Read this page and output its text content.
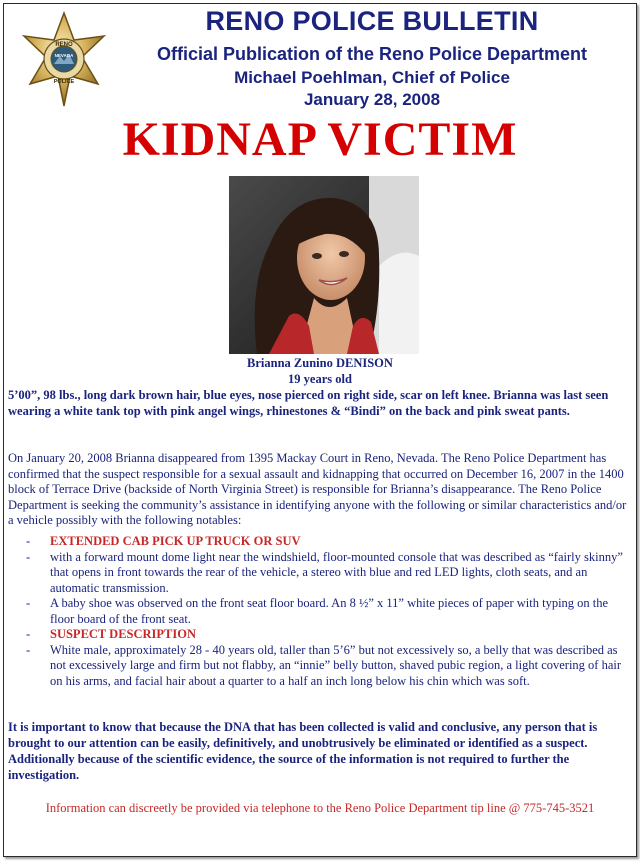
RENO
NEVADA
POLICE
RENO POLICE BULLETIN
Official Publication of the Reno Police Department
Michael Poehlman, Chief of Police
January 28, 2008
KIDNAP VICTIM
Brianna Zunino DENISON
19 years old
5’00”, 98 lbs., long dark brown hair, blue eyes, nose pierced on right side, scar on left knee. Brianna was last seen wearing a white tank top with pink angel wings, rhinestones & “Bindi” on the back and pink sweat pants.
On January 20, 2008 Brianna disappeared from 1395 Mackay Court in Reno, Nevada. The Reno Police Department has confirmed that the suspect responsible for a sexual assault and kidnapping that occurred on December 16, 2007 in the 1400 block of Terrace Drive (backside of North Virginia Street) is responsible for Brianna’s disappearance. The Reno Police Department is seeking the community’s assistance in identifying anyone with the following or similar characteristics and/or a vehicle possibly with the following notables:
-	EXTENDED CAB PICK UP TRUCK OR SUV
-	with a forward mount dome light near the windshield, floor-mounted console that was described as “fairly skinny” that opens in front towards the rear of the vehicle, a stereo with blue and red LED lights, cloth seats, and an automatic transmission.
-	A baby shoe was observed on the front seat floor board. An 8 ½” x 11” white pieces of paper with typing on the floor board of the front seat.
-	SUSPECT DESCRIPTION
-	White male, approximately 28 - 40 years old, taller than 5’6” but not excessively so, a belly that was described as not excessively large and firm but not flabby, an “innie” belly button, shaved pubic region, a light covering of hair on his arms, and facial hair about a quarter to a half an inch long below his chin which was soft.
It is important to know that because the DNA that has been collected is valid and conclusive, any person that is brought to our attention can be easily, definitively, and unobtrusively be eliminated or identified as a suspect. Additionally because of the scientific evidence, the source of the information is not required to further the investigation.
Information can discreetly be provided via telephone to the Reno Police Department tip line @ 775-745-3521
